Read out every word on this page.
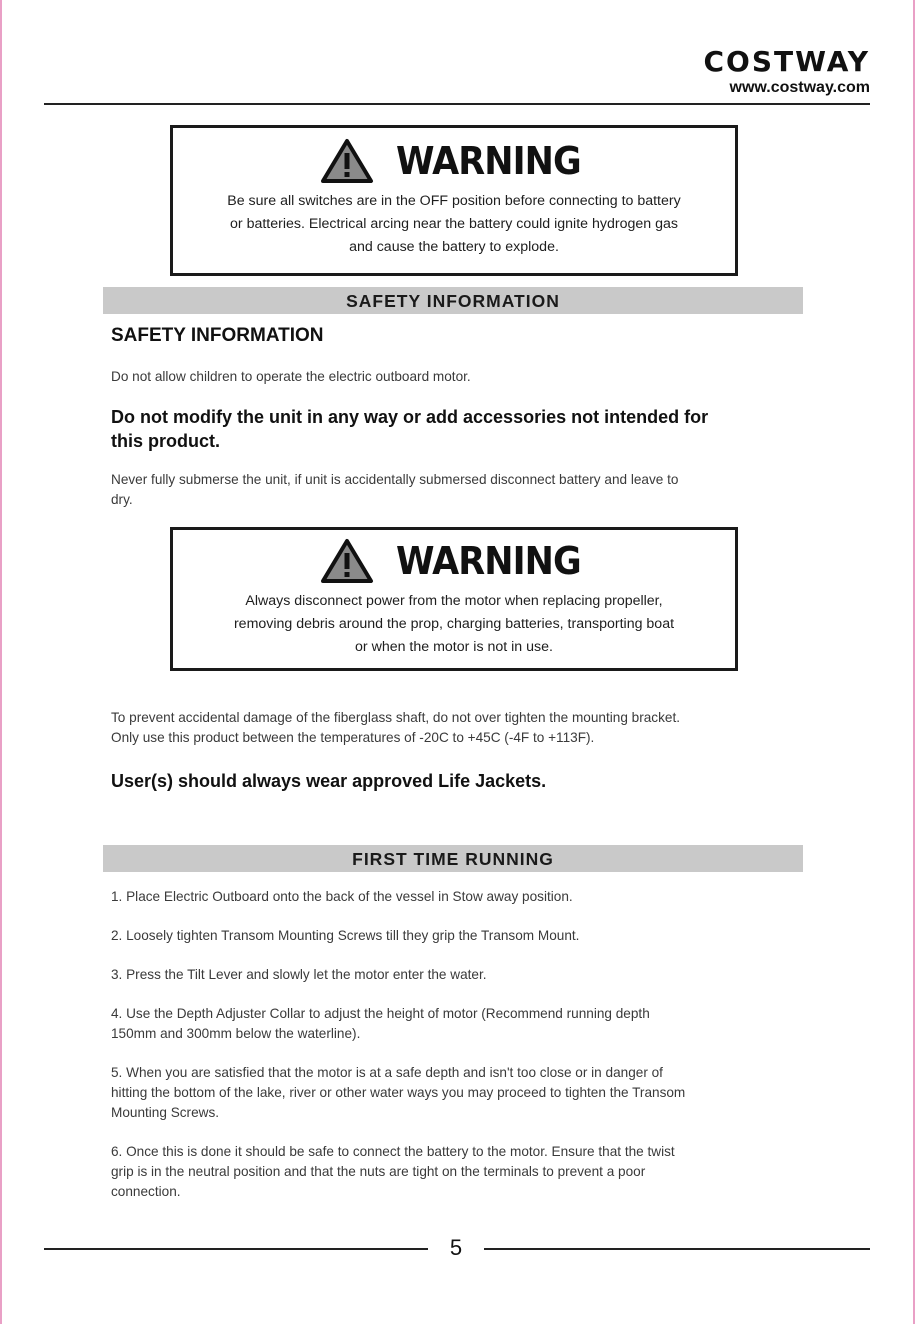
COSTWAY
www.costway.com
WARNING
Be sure all switches are in the OFF position before connecting to battery
or batteries. Electrical arcing near the battery could ignite hydrogen gas
and cause the battery to explode.
SAFETY INFORMATION
SAFETY INFORMATION
Do not allow children to operate the electric outboard motor.
Do not modify the unit in any way or add accessories not intended for
this product.
Never fully submerse the unit, if unit is accidentally submersed disconnect battery and leave to
dry.
WARNING
Always disconnect power from the motor when replacing propeller,
removing debris around the prop, charging batteries, transporting boat
or when the motor is not in use.
To prevent accidental damage of the fiberglass shaft, do not over tighten the mounting bracket.
Only use this product between the temperatures of -20C to +45C (-4F to +113F).
User(s) should always wear approved Life Jackets.
FIRST TIME RUNNING
1. Place Electric Outboard onto the back of the vessel in Stow away position.
2. Loosely tighten Transom Mounting Screws till they grip the Transom Mount.
3. Press the Tilt Lever and slowly let the motor enter the water.
4. Use the Depth Adjuster Collar to adjust the height of motor (Recommend running depth
150mm and 300mm below the waterline).
5. When you are satisfied that the motor is at a safe depth and isn't too close or in danger of
hitting the bottom of the lake, river or other water ways you may proceed to tighten the Transom
Mounting Screws.
6. Once this is done it should be safe to connect the battery to the motor. Ensure that the twist
grip is in the neutral position and that the nuts are tight on the terminals to prevent a poor
connection.
5
